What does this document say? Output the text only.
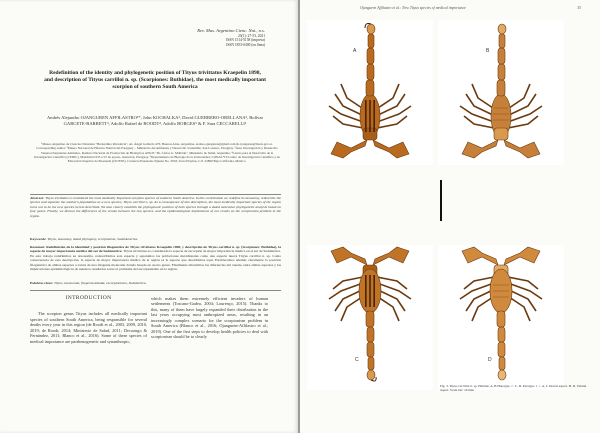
Rev. Mus. Argentino Cienc. Nat., n.s.
23(1): 27-53, 2021
ISSN 1514-5158 (impresa)
ISSN 1853-0400 (en línea)
Redefinition of the identity and phylogenetic position of Tityus trivittatus Kraepelin 1898, and description of Tityus carrilloi n. sp. (Scorpiones: Buthidae), the most medically important scorpion of southern South America
Andrés Alejandro OJANGUREN AFFILASTRO¹*, John KOCHALKA², David GUERRERO-ORELLANA², Bolívar GARCETE-BARRETT³, Adolfo Rafael de ROODT⁴, Adolfo BORGES⁵ & F. Sara CECCARELLI⁶
¹Museo Argentino de Ciencias Naturales "Bernardino Rivadavia", Av. Ángel Gallardo 470, Buenos Aires, Argentina. andres.ojanguren@gmail.com & ojanguren@macn.gov.ar. Corresponding author: ²Museo Nacional de Historia Natural del Paraguay – Ministerio del Ambiente y Desarrollo Sostenible, San Lorenzo, Paraguay. ³Área Investigación y Desarrollo Venenos/Serpientes Animales, Instituto Nacional de Producción de Biológicos ANLIS "Dr. Carlos G. Malbrán", Ministerio de Salud, Argentina. ⁴Centro para el Desarrollo de la Investigación Científica (CEDIC), Manduvirá 635 e/15 de agosto, Asunción, Paraguay. ⁵Departamento de Biología de la Universidad, CONACYT-Centro de Investigación Científica y de Educación Superior de Ensenada (CICESE), Carretera Ensenada-Tijuana No. 3918, Zona Playitas, C.P. 22860 Baja California, México.
Abstract: Tityus trivittatus is considered the most medically important scorpion species of southern South America. In this contribution we redefine its taxonomy, redescribe the species and separate the southern populations as a new species, Tityus carrilloi n. sp. As a consequence of this description, the most medically important species of the region turns out to be the new species herein described. We also clearly establish the phylogenetic position of both species through a dated molecular phylogenetic analysis based on four genes. Finally, we discuss the differences of the venom between the two species, and the epidemiological implications of our results on the scorpionism problem in the region.
Keywords: Tityus, taxonomy, dated phylogeny, scorpionism, SouthAmerica.
Resumen: Redefinición de la identidad y posición filogenética de Tityus trivittatus Kraepelin 1898, y descripción de Tityus carrilloi n. sp. (Scorpiones: Buthidae), la especie de mayor importancia médica del sur de Sudamérica. Tityus trivittatus es considerada la especie de escorpión de mayor importancia médica en el sur de Sudamérica. En esta trabajo redefinimos su taxonomía, redescribimos esta especie y separamos las poblaciones meridionales como una especie nueva Tityus carrilloi n. sp. Como consecuencia de esta descripción, la especie de mayor importancia médica de la región es la especie que describimos aquí. Establecemos además claramente la posición filogenética de ambas especies a través de una filogenia molecular datada basada en cuatro genes. Finalmente discutimos las diferencias del veneno entre ambas especies y las implicaciones epidemiológicas de nuestros resultados sobre el problema del escorpionismo en la región.
Palabras clave: Tityus, taxonomía, filogenia datada, escorpionismo, Sudamérica.
INTRODUCTION
The scorpion genus Tityus includes all medically important species of southern South America, being responsible for several deaths every year in this region (de Roodt et al., 2003, 2009, 2010, 2019; de Roodt, 2014; Ministerio de Salud, 2011; Decoongo & Fernández, 2011; Blanco et al., 2016). Some of these species of medical importance are parthenogenetic and synanthropic,
which makes them extremely efficient invaders of human settlements (Toscano-Gadea, 2004; Lourenço, 2015). Thanks to this, many of them have largely expanded their distribution in the last years occupying most anthropized areas, resulting in an increasingly complex scenario for the scorpionism problem in South America (Blanco et al., 2016; Ojanguren-Affilastro et al., 2019). One of the first steps to develop health policies to deal with scorpionism should be to clearly
Ojanguren Affilastro et al.: New Tityus species of medical importance	35
A	B
C	D
Fig. 3. Tityus carrilloi n. sp. Habitus. A, B Holotype ♂. C, D. Paratype 1 ♀. A, C Dorsal aspect. B, D. Ventral aspect. Scale bar: 10 mm.
